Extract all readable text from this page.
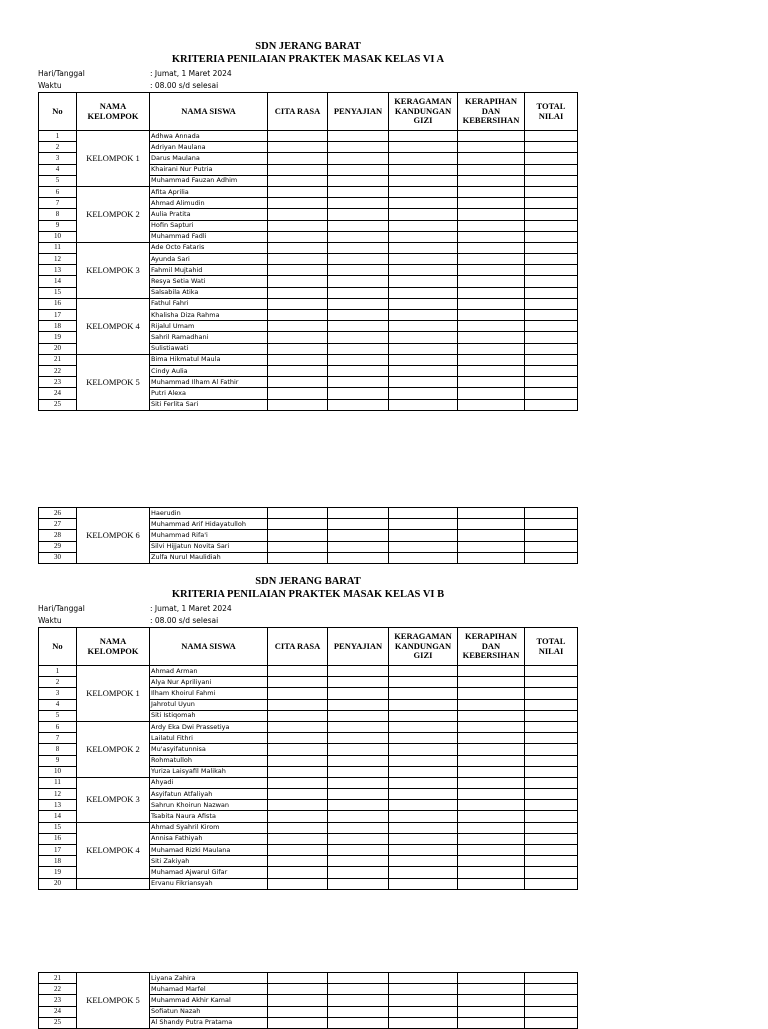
SDN JERANG BARAT
KRITERIA PENILAIAN PRAKTEK MASAK KELAS VI A
Hari/Tanggal	: Jumat, 1 Maret 2024
Waktu	: 08.00 s/d selesai
No	NAMA KELOMPOK	NAMA SISWA	CITA RASA	PENYAJIAN	KERAGAMAN KANDUNGAN GIZI	KERAPIHAN DAN KEBERSIHAN	TOTAL NILAI
1	KELOMPOK 1	Adhwa Annada					
2		Adriyan Maulana					
3		Darus Maulana					
4		Khairani Nur Putria					
5		Muhammad Fauzan Adhim					
6	KELOMPOK 2	Afita Aprilia					
7		Ahmad Alimudin					
8		Aulia Pratita					
9		Hofin Sapturi					
10		Muhammad Fadli					
11	KELOMPOK 3	Ade Octo Fataris					
12		Ayunda Sari					
13		Fahmil Mujtahid					
14		Resya Setia Wati					
15		Salsabila Atika					
16	KELOMPOK 4	Fathul Fahri					
17		Khalisha Diza Rahma					
18		Rijalul Umam					
19		Sahril Ramadhani					
20		Sulistiawati					
21	KELOMPOK 5	Bima Hikmatul Maula					
22		Cindy Aulia					
23		Muhammad Ilham Al Fathir					
24		Putri Alexa					
25		Siti Ferlita Sari					
26	KELOMPOK 6	Haerudin					
27		Muhammad Arif Hidayatulloh					
28		Muhammad Rifa'i					
29		Silvi Hijjatun Novita Sari					
30		Zulfa Nurul Maulidiah					
SDN JERANG BARAT
KRITERIA PENILAIAN PRAKTEK MASAK KELAS VI B
Hari/Tanggal	: Jumat, 1 Maret 2024
Waktu	: 08.00 s/d selesai
No	NAMA KELOMPOK	NAMA SISWA	CITA RASA	PENYAJIAN	KERAGAMAN KANDUNGAN GIZI	KERAPIHAN DAN KEBERSIHAN	TOTAL NILAI
1	KELOMPOK 1	Ahmad Arman					
2		Alya Nur Apriliyani					
3		Ilham Khoirul Fahmi					
4		Jahrotul Uyun					
5		Siti Istiqomah					
6	KELOMPOK 2	Ardy Eka Dwi Prassetiya					
7		Lailatul Fithri					
8		Mu'asyifatunnisa					
9		Rohmatulloh					
10		Yuriza Laisyafil Malikah					
11	KELOMPOK 3	Ahyadi					
12		Asyifatun Atfaliyah					
13		Sahrun Khoirun Nazwan					
14		Tsabita Naura Afista					
15	KELOMPOK 4	Ahmad Syahril Kirom					
16		Annisa Fathiyah					
17		Muhamad Rizki Maulana					
18		Siti Zakiyah					
19		Muhamad Ajwarul Gifar					
20		Ervanu Fikriansyah					
21	KELOMPOK 5	Liyana Zahira					
22		Muhamad Marfel					
23		Muhammad Akhir Kamal					
24		Sofiatun Nazah					
25		Al Shandy Putra Pratama					
